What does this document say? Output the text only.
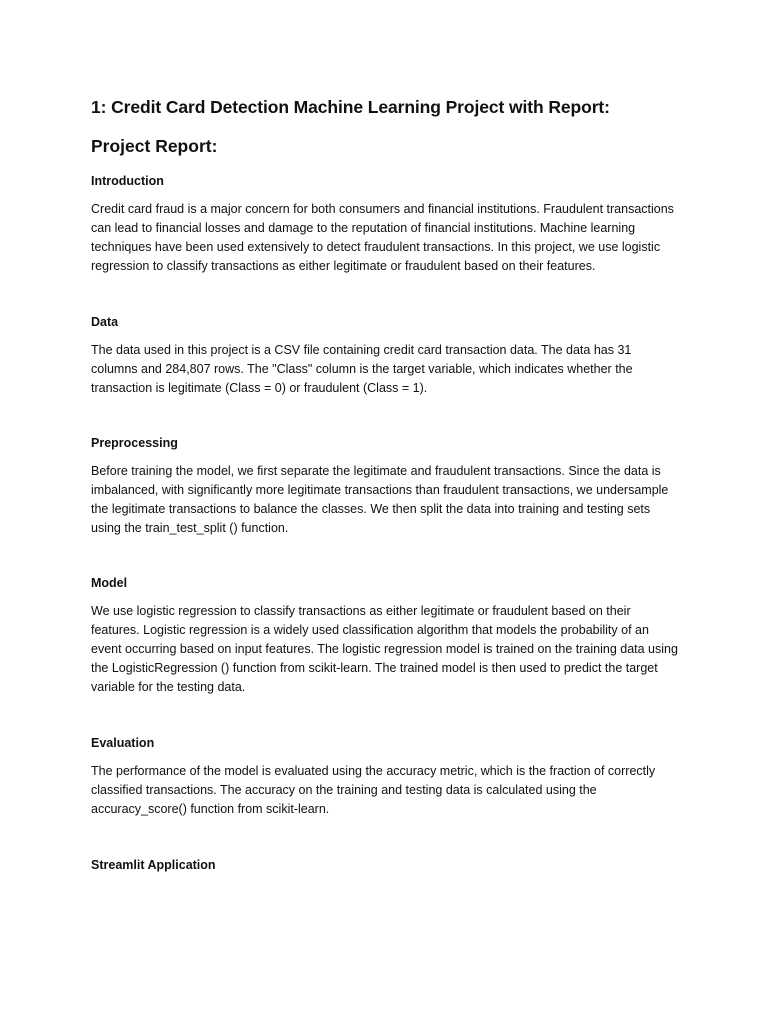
1: Credit Card Detection Machine Learning Project with Report:
Project Report:
Introduction

Credit card fraud is a major concern for both consumers and financial institutions. Fraudulent transactions can lead to financial losses and damage to the reputation of financial institutions. Machine learning techniques have been used extensively to detect fraudulent transactions. In this project, we use logistic regression to classify transactions as either legitimate or fraudulent based on their features.

Data

The data used in this project is a CSV file containing credit card transaction data. The data has 31 columns and 284,807 rows. The "Class" column is the target variable, which indicates whether the transaction is legitimate (Class = 0) or fraudulent (Class = 1).

Preprocessing

Before training the model, we first separate the legitimate and fraudulent transactions. Since the data is imbalanced, with significantly more legitimate transactions than fraudulent transactions, we undersample the legitimate transactions to balance the classes. We then split the data into training and testing sets using the train_test_split () function.

Model

We use logistic regression to classify transactions as either legitimate or fraudulent based on their features. Logistic regression is a widely used classification algorithm that models the probability of an event occurring based on input features. The logistic regression model is trained on the training data using the LogisticRegression () function from scikit-learn. The trained model is then used to predict the target variable for the testing data.

Evaluation

The performance of the model is evaluated using the accuracy metric, which is the fraction of correctly classified transactions. The accuracy on the training and testing data is calculated using the accuracy_score() function from scikit-learn.

Streamlit Application
